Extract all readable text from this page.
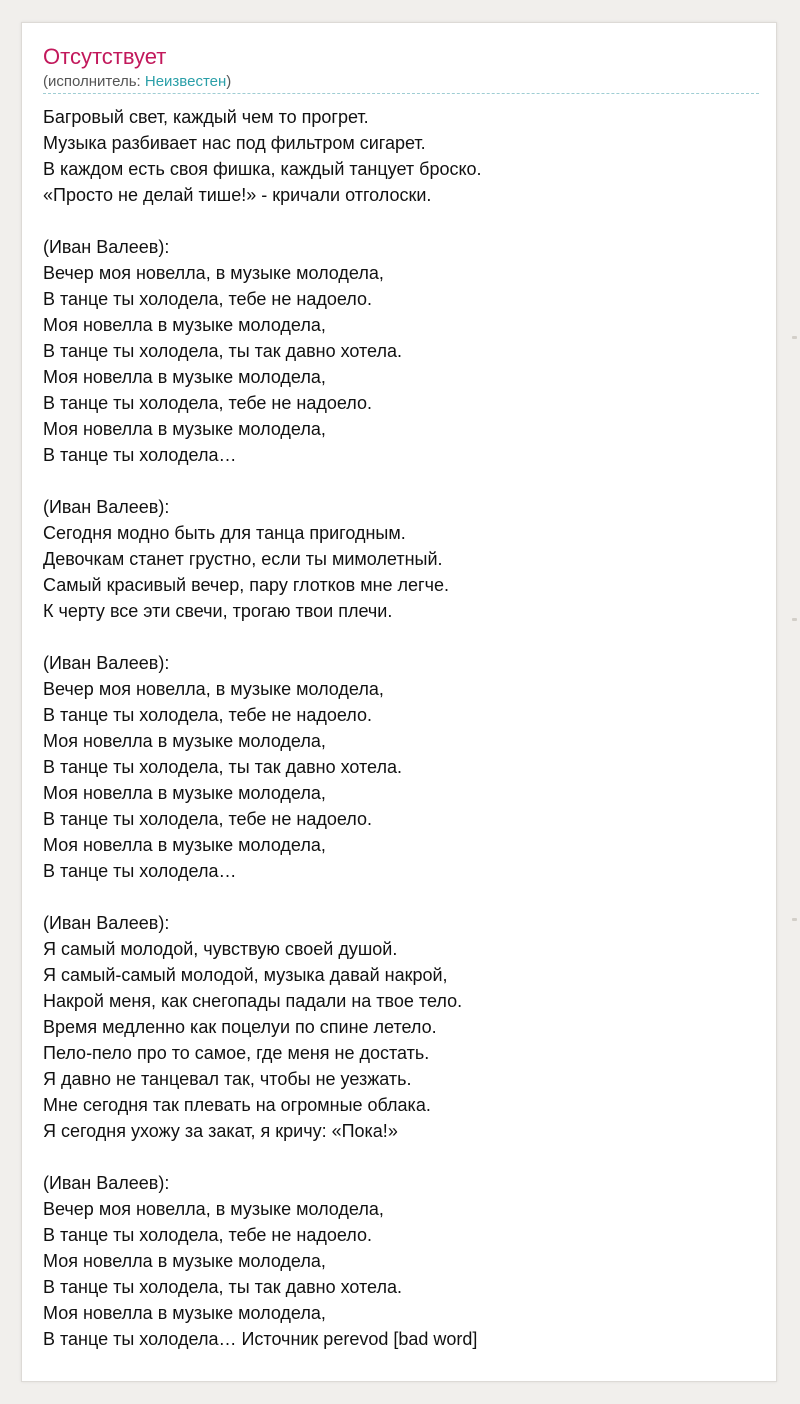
Отсутствует
(исполнитель: Неизвестен)
Багровый свет, каждый чем то прогрет.
Музыка разбивает нас под фильтром сигарет.
В каждом есть своя фишка, каждый танцует броско.
«Просто не делай тише!» - кричали отголоски.
(Иван Валеев):
Вечер моя новелла, в музыке молодела,
В танце ты холодела, тебе не надоело.
Моя новелла в музыке молодела,
В танце ты холодела, ты так давно хотела.
Моя новелла в музыке молодела,
В танце ты холодела, тебе не надоело.
Моя новелла в музыке молодела,
В танце ты холодела…
(Иван Валеев):
Сегодня модно быть для танца пригодным.
Девочкам станет грустно, если ты мимолетный.
Самый красивый вечер, пару глотков мне легче.
К черту все эти свечи, трогаю твои плечи.
(Иван Валеев):
Вечер моя новелла, в музыке молодела,
В танце ты холодела, тебе не надоело.
Моя новелла в музыке молодела,
В танце ты холодела, ты так давно хотела.
Моя новелла в музыке молодела,
В танце ты холодела, тебе не надоело.
Моя новелла в музыке молодела,
В танце ты холодела…
(Иван Валеев):
Я самый молодой, чувствую своей душой.
Я самый-самый молодой, музыка давай накрой,
Накрой меня, как снегопады падали на твое тело.
Время медленно как поцелуи по спине летело.
Пело-пело про то самое, где меня не достать.
Я давно не танцевал так, чтобы не уезжать.
Мне сегодня так плевать на огромные облака.
Я сегодня ухожу за закат, я кричу: «Пока!»
(Иван Валеев):
Вечер моя новелла, в музыке молодела,
В танце ты холодела, тебе не надоело.
Моя новелла в музыке молодела,
В танце ты холодела, ты так давно хотела.
Моя новелла в музыке молодела,
В танце ты холодела… Источник perevod [bad word]
